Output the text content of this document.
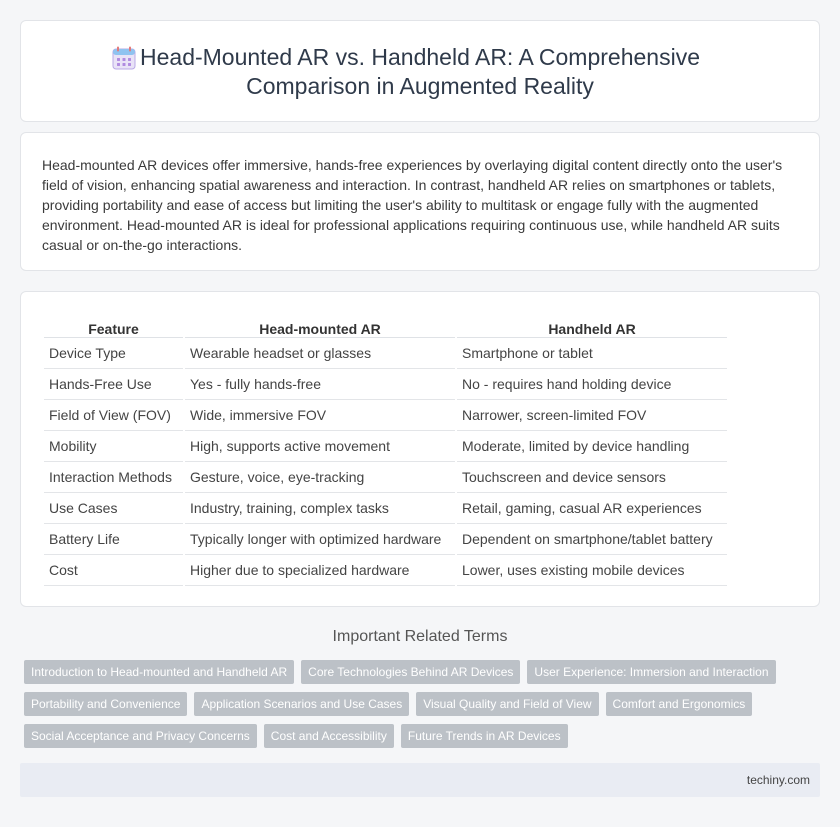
Head-Mounted AR vs. Handheld AR: A Comprehensive Comparison in Augmented Reality

Head-mounted AR devices offer immersive, hands-free experiences by overlaying digital content directly onto the user's field of vision, enhancing spatial awareness and interaction. In contrast, handheld AR relies on smartphones or tablets, providing portability and ease of access but limiting the user's ability to multitask or engage fully with the augmented environment. Head-mounted AR is ideal for professional applications requiring continuous use, while handheld AR suits casual or on-the-go interactions.

Feature	Head-mounted AR	Handheld AR
Device Type	Wearable headset or glasses	Smartphone or tablet
Hands-Free Use	Yes - fully hands-free	No - requires hand holding device
Field of View (FOV)	Wide, immersive FOV	Narrower, screen-limited FOV
Mobility	High, supports active movement	Moderate, limited by device handling
Interaction Methods	Gesture, voice, eye-tracking	Touchscreen and device sensors
Use Cases	Industry, training, complex tasks	Retail, gaming, casual AR experiences
Battery Life	Typically longer with optimized hardware	Dependent on smartphone/tablet battery
Cost	Higher due to specialized hardware	Lower, uses existing mobile devices
Important Related Terms
Introduction to Head-mounted and Handheld AR	Core Technologies Behind AR Devices	User Experience: Immersion and Interaction
Portability and Convenience	Application Scenarios and Use Cases	Visual Quality and Field of View	Comfort and Ergonomics
Social Acceptance and Privacy Concerns	Cost and Accessibility	Future Trends in AR Devices
techiny.com
